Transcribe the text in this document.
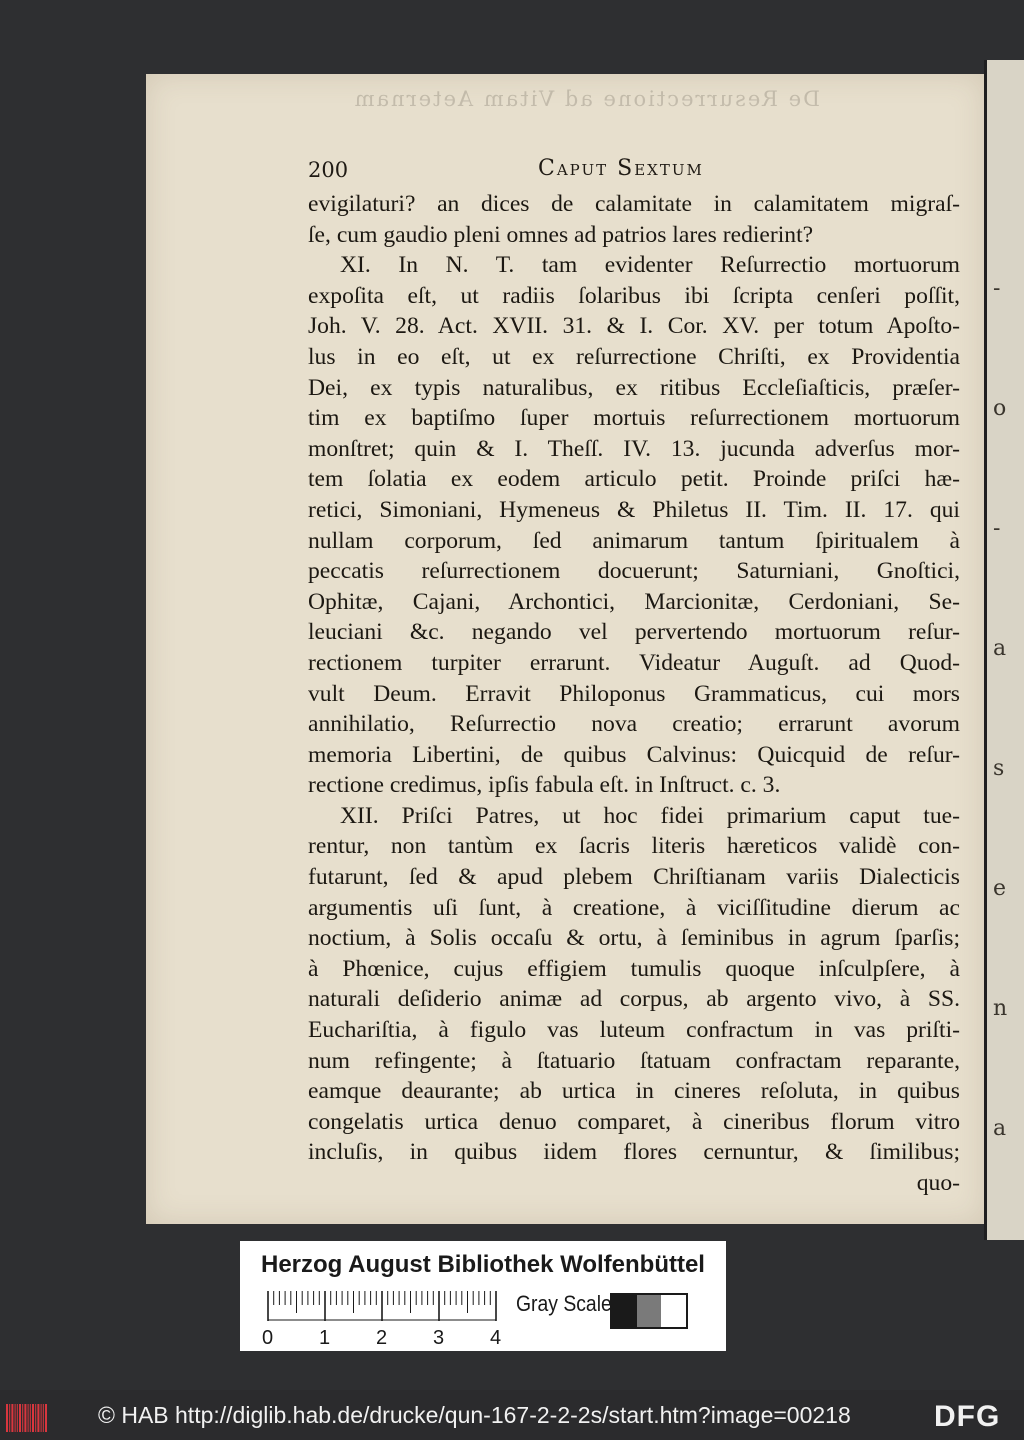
-
o
-
a
s
e
n
a
De Resurrectione ad Vitam Aeternam
200	Caput Sextum
evigilaturi? an dices de calamitate in calamitatem migraſ-
ſe, cum gaudio pleni omnes ad patrios lares redierint?
XI. In N. T. tam evidenter Reſurrectio mortuorum
expoſita eſt, ut radiis ſolaribus ibi ſcripta cenſeri poſſit,
Joh. V. 28. Act. XVII. 31. & I. Cor. XV. per totum Apoſto-
lus in eo eſt, ut ex reſurrectione Chriſti, ex Providentia
Dei, ex typis naturalibus, ex ritibus Eccleſiaſticis, præſer-
tim ex baptiſmo ſuper mortuis reſurrectionem mortuorum
monſtret; quin & I. Theſſ. IV. 13. jucunda adverſus mor-
tem ſolatia ex eodem articulo petit. Proinde priſci hæ-
retici, Simoniani, Hymeneus & Philetus II. Tim. II. 17. qui
nullam corporum, ſed animarum tantum ſpiritualem à
peccatis reſurrectionem docuerunt; Saturniani, Gnoſtici,
Ophitæ, Cajani, Archontici, Marcionitæ, Cerdoniani, Se-
leuciani &c. negando vel pervertendo mortuorum reſur-
rectionem turpiter errarunt. Videatur Auguſt. ad Quod-
vult Deum. Erravit Philoponus Grammaticus, cui mors
annihilatio, Reſurrectio nova creatio; errarunt avorum
memoria Libertini, de quibus Calvinus: Quicquid de reſur-
rectione credimus, ipſis fabula eſt. in Inſtruct. c. 3.
XII. Priſci Patres, ut hoc fidei primarium caput tue-
rentur, non tantùm ex ſacris literis hæreticos validè con-
futarunt, ſed & apud plebem Chriſtianam variis Dialecticis
argumentis uſi ſunt, à creatione, à viciſſitudine dierum ac
noctium, à Solis occaſu & ortu, à ſeminibus in agrum ſparſis;
à Phœnice, cujus effigiem tumulis quoque inſculpſere, à
naturali deſiderio animæ ad corpus, ab argento vivo, à SS.
Euchariſtia, à figulo vas luteum confractum in vas priſti-
num refingente; à ſtatuario ſtatuam confractam reparante,
eamque deaurante; ab urtica in cineres reſoluta, in quibus
congelatis urtica denuo comparet, à cineribus florum vitro
incluſis, in quibus iidem flores cernuntur, & ſimilibus;
quo-
Herzog August Bibliothek Wolfenbüttel
0 1 2 3 4
Gray Scale
© HAB http://diglib.hab.de/drucke/qun-167-2-2-2s/start.htm?image=00218	DFG
